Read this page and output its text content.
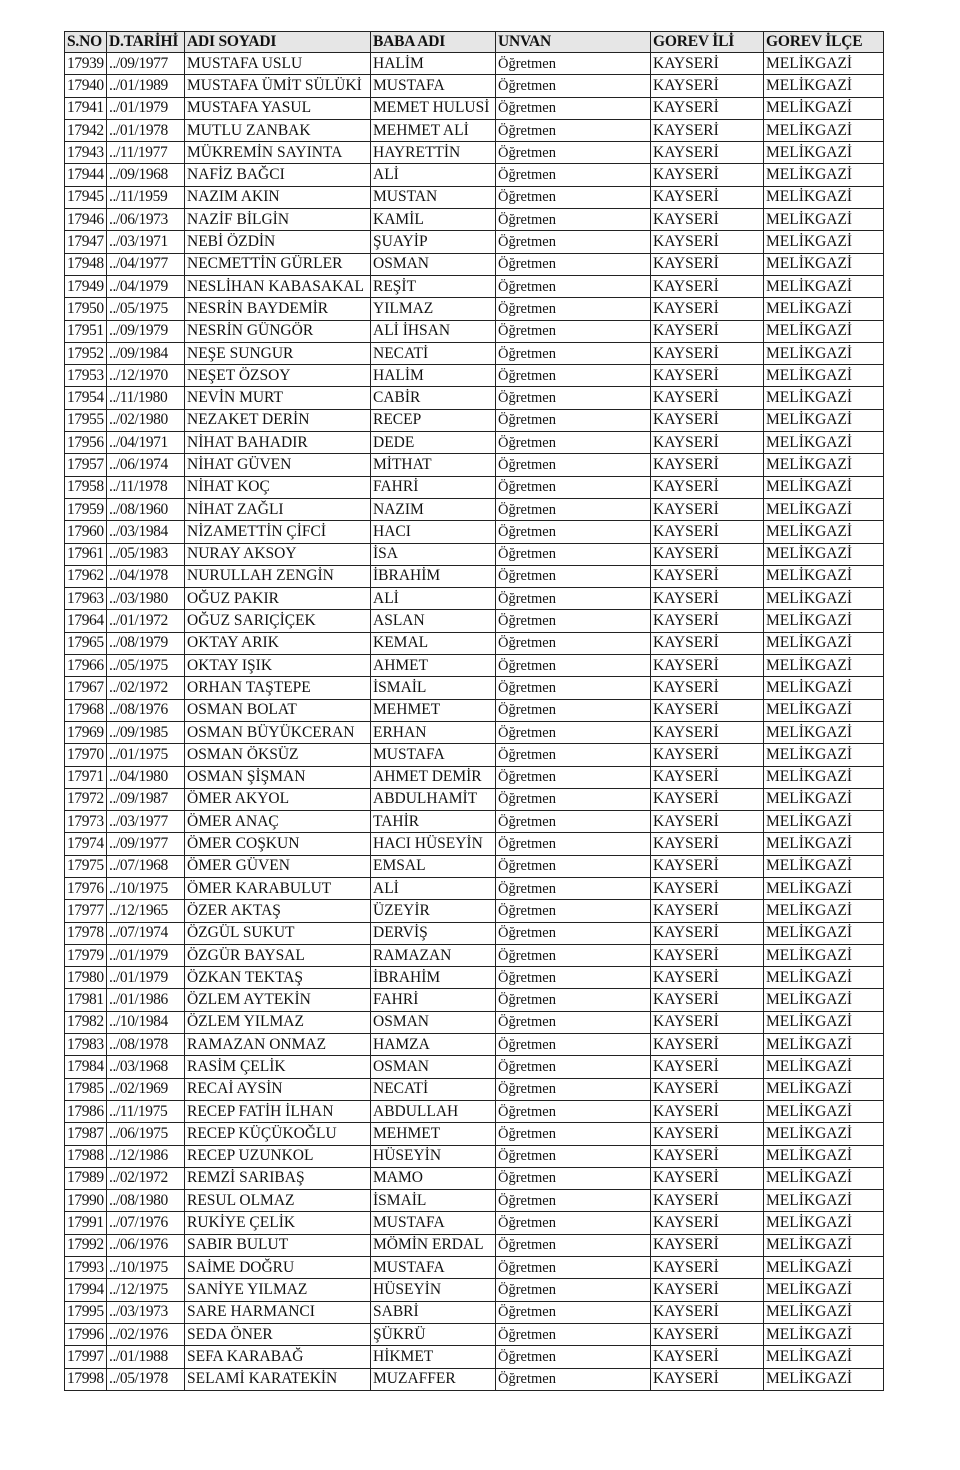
S.NO	D.TARİHİ	ADI SOYADI	BABA ADI	UNVAN	GOREV İLİ	GOREV İLÇE
17939	../09/1977	MUSTAFA USLU	HALİM	Öğretmen	KAYSERİ	MELİKGAZİ
17940	../01/1989	MUSTAFA ÜMİT SÜLÜKİ	MUSTAFA	Öğretmen	KAYSERİ	MELİKGAZİ
17941	../01/1979	MUSTAFA YASUL	MEMET HULUSİ	Öğretmen	KAYSERİ	MELİKGAZİ
17942	../01/1978	MUTLU ZANBAK	MEHMET ALİ	Öğretmen	KAYSERİ	MELİKGAZİ
17943	../11/1977	MÜKREMİN SAYINTA	HAYRETTİN	Öğretmen	KAYSERİ	MELİKGAZİ
17944	../09/1968	NAFİZ BAĞCI	ALİ	Öğretmen	KAYSERİ	MELİKGAZİ
17945	../11/1959	NAZIM AKIN	MUSTAN	Öğretmen	KAYSERİ	MELİKGAZİ
17946	../06/1973	NAZİF BİLGİN	KAMİL	Öğretmen	KAYSERİ	MELİKGAZİ
17947	../03/1971	NEBİ ÖZDİN	ŞUAYİP	Öğretmen	KAYSERİ	MELİKGAZİ
17948	../04/1977	NECMETTİN GÜRLER	OSMAN	Öğretmen	KAYSERİ	MELİKGAZİ
17949	../04/1979	NESLİHAN KABASAKAL	REŞİT	Öğretmen	KAYSERİ	MELİKGAZİ
17950	../05/1975	NESRİN BAYDEMİR	YILMAZ	Öğretmen	KAYSERİ	MELİKGAZİ
17951	../09/1979	NESRİN GÜNGÖR	ALİ İHSAN	Öğretmen	KAYSERİ	MELİKGAZİ
17952	../09/1984	NEŞE SUNGUR	NECATİ	Öğretmen	KAYSERİ	MELİKGAZİ
17953	../12/1970	NEŞET ÖZSOY	HALİM	Öğretmen	KAYSERİ	MELİKGAZİ
17954	../11/1980	NEVİN MURT	CABİR	Öğretmen	KAYSERİ	MELİKGAZİ
17955	../02/1980	NEZAKET DERİN	RECEP	Öğretmen	KAYSERİ	MELİKGAZİ
17956	../04/1971	NİHAT BAHADIR	DEDE	Öğretmen	KAYSERİ	MELİKGAZİ
17957	../06/1974	NİHAT GÜVEN	MİTHAT	Öğretmen	KAYSERİ	MELİKGAZİ
17958	../11/1978	NİHAT KOÇ	FAHRİ	Öğretmen	KAYSERİ	MELİKGAZİ
17959	../08/1960	NİHAT ZAĞLI	NAZIM	Öğretmen	KAYSERİ	MELİKGAZİ
17960	../03/1984	NİZAMETTİN ÇİFCİ	HACI	Öğretmen	KAYSERİ	MELİKGAZİ
17961	../05/1983	NURAY AKSOY	İSA	Öğretmen	KAYSERİ	MELİKGAZİ
17962	../04/1978	NURULLAH ZENGİN	İBRAHİM	Öğretmen	KAYSERİ	MELİKGAZİ
17963	../03/1980	OĞUZ PAKIR	ALİ	Öğretmen	KAYSERİ	MELİKGAZİ
17964	../01/1972	OĞUZ SARIÇİÇEK	ASLAN	Öğretmen	KAYSERİ	MELİKGAZİ
17965	../08/1979	OKTAY ARIK	KEMAL	Öğretmen	KAYSERİ	MELİKGAZİ
17966	../05/1975	OKTAY IŞIK	AHMET	Öğretmen	KAYSERİ	MELİKGAZİ
17967	../02/1972	ORHAN TAŞTEPE	İSMAİL	Öğretmen	KAYSERİ	MELİKGAZİ
17968	../08/1976	OSMAN BOLAT	MEHMET	Öğretmen	KAYSERİ	MELİKGAZİ
17969	../09/1985	OSMAN BÜYÜKCERAN	ERHAN	Öğretmen	KAYSERİ	MELİKGAZİ
17970	../01/1975	OSMAN ÖKSÜZ	MUSTAFA	Öğretmen	KAYSERİ	MELİKGAZİ
17971	../04/1980	OSMAN ŞİŞMAN	AHMET DEMİR	Öğretmen	KAYSERİ	MELİKGAZİ
17972	../09/1987	ÖMER AKYOL	ABDULHAMİT	Öğretmen	KAYSERİ	MELİKGAZİ
17973	../03/1977	ÖMER ANAÇ	TAHİR	Öğretmen	KAYSERİ	MELİKGAZİ
17974	../09/1977	ÖMER COŞKUN	HACI HÜSEYİN	Öğretmen	KAYSERİ	MELİKGAZİ
17975	../07/1968	ÖMER GÜVEN	EMSAL	Öğretmen	KAYSERİ	MELİKGAZİ
17976	../10/1975	ÖMER KARABULUT	ALİ	Öğretmen	KAYSERİ	MELİKGAZİ
17977	../12/1965	ÖZER AKTAŞ	ÜZEYİR	Öğretmen	KAYSERİ	MELİKGAZİ
17978	../07/1974	ÖZGÜL SUKUT	DERVİŞ	Öğretmen	KAYSERİ	MELİKGAZİ
17979	../01/1979	ÖZGÜR BAYSAL	RAMAZAN	Öğretmen	KAYSERİ	MELİKGAZİ
17980	../01/1979	ÖZKAN TEKTAŞ	İBRAHİM	Öğretmen	KAYSERİ	MELİKGAZİ
17981	../01/1986	ÖZLEM AYTEKİN	FAHRİ	Öğretmen	KAYSERİ	MELİKGAZİ
17982	../10/1984	ÖZLEM YILMAZ	OSMAN	Öğretmen	KAYSERİ	MELİKGAZİ
17983	../08/1978	RAMAZAN ONMAZ	HAMZA	Öğretmen	KAYSERİ	MELİKGAZİ
17984	../03/1968	RASİM ÇELİK	OSMAN	Öğretmen	KAYSERİ	MELİKGAZİ
17985	../02/1969	RECAİ AYSİN	NECATİ	Öğretmen	KAYSERİ	MELİKGAZİ
17986	../11/1975	RECEP FATİH İLHAN	ABDULLAH	Öğretmen	KAYSERİ	MELİKGAZİ
17987	../06/1975	RECEP KÜÇÜKOĞLU	MEHMET	Öğretmen	KAYSERİ	MELİKGAZİ
17988	../12/1986	RECEP UZUNKOL	HÜSEYİN	Öğretmen	KAYSERİ	MELİKGAZİ
17989	../02/1972	REMZİ SARIBAŞ	MAMO	Öğretmen	KAYSERİ	MELİKGAZİ
17990	../08/1980	RESUL OLMAZ	İSMAİL	Öğretmen	KAYSERİ	MELİKGAZİ
17991	../07/1976	RUKİYE ÇELİK	MUSTAFA	Öğretmen	KAYSERİ	MELİKGAZİ
17992	../06/1976	SABIR BULUT	MÖMİN ERDAL	Öğretmen	KAYSERİ	MELİKGAZİ
17993	../10/1975	SAİME DOĞRU	MUSTAFA	Öğretmen	KAYSERİ	MELİKGAZİ
17994	../12/1975	SANİYE YILMAZ	HÜSEYİN	Öğretmen	KAYSERİ	MELİKGAZİ
17995	../03/1973	SARE HARMANCI	SABRİ	Öğretmen	KAYSERİ	MELİKGAZİ
17996	../02/1976	SEDA ÖNER	ŞÜKRÜ	Öğretmen	KAYSERİ	MELİKGAZİ
17997	../01/1988	SEFA KARABAĞ	HİKMET	Öğretmen	KAYSERİ	MELİKGAZİ
17998	../05/1978	SELAMİ KARATEKİN	MUZAFFER	Öğretmen	KAYSERİ	MELİKGAZİ
